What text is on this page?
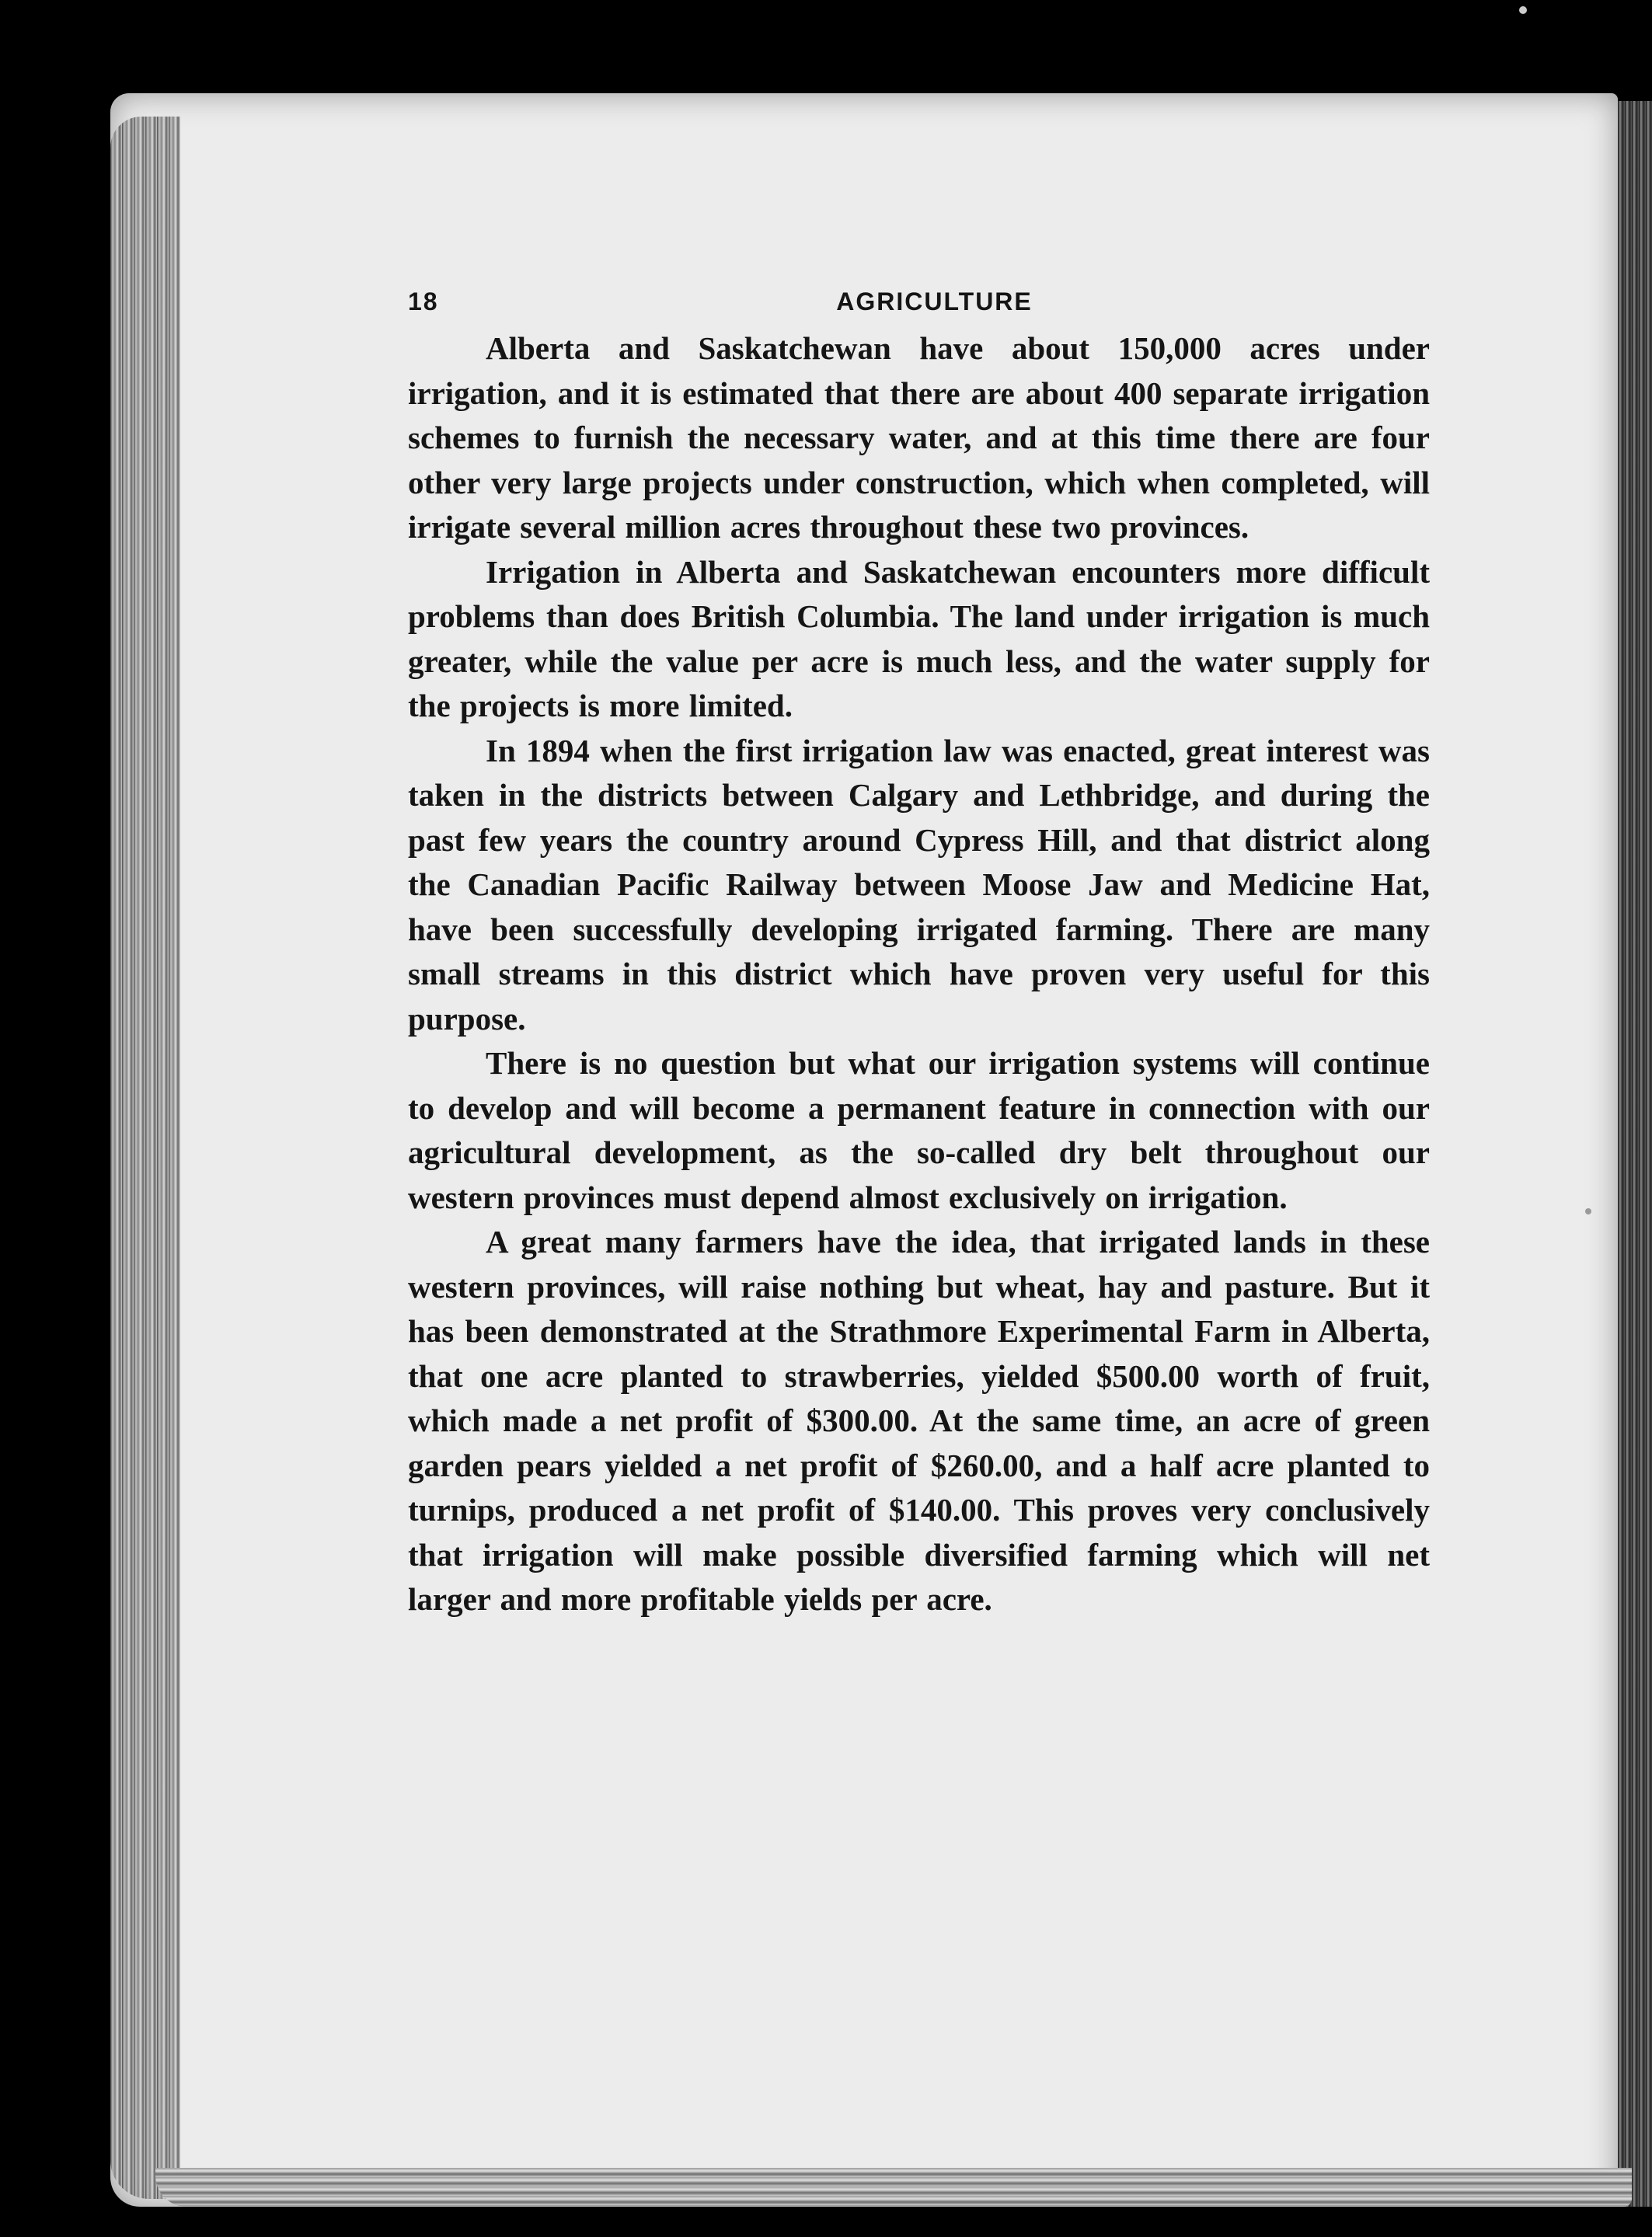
18	AGRICULTURE

Alberta and Saskatchewan have about 150,000 acres under irrigation, and it is estimated that there are about 400 separate irrigation schemes to furnish the necessary water, and at this time there are four other very large projects under construction, which when completed, will irrigate several million acres throughout these two provinces.

Irrigation in Alberta and Saskatchewan encounters more difficult problems than does British Columbia. The land under irrigation is much greater, while the value per acre is much less, and the water supply for the projects is more limited.

In 1894 when the first irrigation law was enacted, great interest was taken in the districts between Calgary and Lethbridge, and during the past few years the country around Cypress Hill, and that district along the Canadian Pacific Railway between Moose Jaw and Medicine Hat, have been successfully developing irrigated farming. There are many small streams in this district which have proven very useful for this purpose.

There is no question but what our irrigation systems will continue to develop and will become a permanent feature in connection with our agricultural development, as the so-called dry belt throughout our western provinces must depend almost exclusively on irrigation.

A great many farmers have the idea, that irrigated lands in these western provinces, will raise nothing but wheat, hay and pasture. But it has been demonstrated at the Strathmore Experimental Farm in Alberta, that one acre planted to strawberries, yielded $500.00 worth of fruit, which made a net profit of $300.00. At the same time, an acre of green garden pears yielded a net profit of $260.00, and a half acre planted to turnips, produced a net profit of $140.00. This proves very conclusively that irrigation will make possible diversified farming which will net larger and more profitable yields per acre.
